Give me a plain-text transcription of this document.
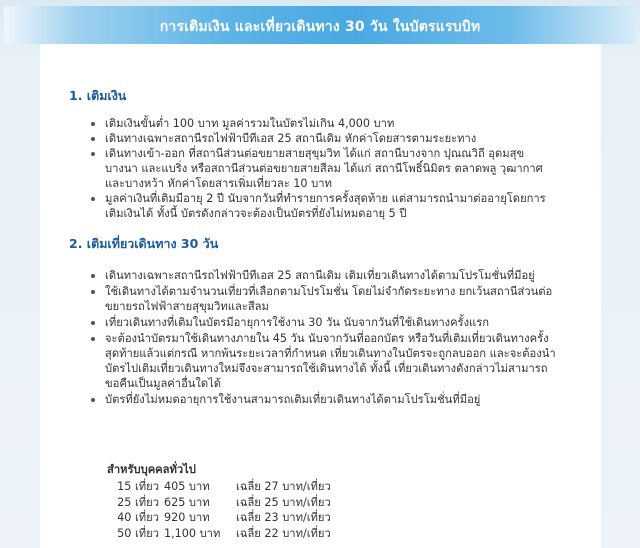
การเติมเงิน และเที่ยวเดินทาง 30 วัน ในบัตรแรบบิท
1. เติมเงิน
เติมเงินขั้นต่ำ 100 บาท มูลค่ารวมในบัตรไม่เกิน 4,000 บาท
เดินทางเฉพาะสถานีรถไฟฟ้าบีทีเอส 25 สถานีเดิม หักค่าโดยสารตามระยะทาง
เดินทางเข้า-ออก ที่สถานีส่วนต่อขยายสายสุขุมวิท ได้แก่ สถานีบางจาก ปุณณวิถี อุดมสุข บางนา และแบริ่ง หรือสถานีส่วนต่อขยายสายสีลม ได้แก่ สถานีโพธิ์นิมิตร ตลาดพลู วุฒากาศ และบางหว้า หักค่าโดยสารเพิ่มเที่ยวละ 10 บาท
มูลค่าเงินที่เติมมีอายุ 2 ปี นับจากวันที่ทำรายการครั้งสุดท้าย แต่สามารถนำมาต่ออายุโดยการเติมเงินได้ ทั้งนี้ บัตรดังกล่าวจะต้องเป็นบัตรที่ยังไม่หมดอายุ 5 ปี
2. เติมเที่ยวเดินทาง 30 วัน
เดินทางเฉพาะสถานีรถไฟฟ้าบีทีเอส 25 สถานีเดิม เติมเที่ยวเดินทางได้ตามโปรโมชั่นที่มีอยู่
ใช้เดินทางได้ตามจำนวนเที่ยวที่เลือกตามโปรโมชั่น โดยไม่จำกัดระยะทาง ยกเว้นสถานีส่วนต่อขยายรถไฟฟ้าสายสุขุมวิทและสีลม
เที่ยวเดินทางที่เติมในบัตรมีอายุการใช้งาน 30 วัน นับจากวันที่ใช้เดินทางครั้งแรก
จะต้องนำบัตรมาใช้เดินทางภายใน 45 วัน นับจากวันที่ออกบัตร หรือวันที่เติมเที่ยวเดินทางครั้งสุดท้ายแล้วแต่กรณี หากพ้นระยะเวลาที่กำหนด เที่ยวเดินทางในบัตรจะถูกลบออก และจะต้องนำบัตรไปเติมเที่ยวเดินทางใหม่จึงจะสามารถใช้เดินทางได้ ทั้งนี้ เที่ยวเดินทางดังกล่าวไม่สามารถขอคืนเป็นมูลค่าอื่นใดได้
บัตรที่ยังไม่หมดอายุการใช้งานสามารถเติมเที่ยวเดินทางได้ตามโปรโมชั่นที่มีอยู่
สำหรับบุคคลทั่วไป
15 เที่ยว 405 บาท เฉลี่ย 27 บาท/เที่ยว
25 เที่ยว 625 บาท เฉลี่ย 25 บาท/เที่ยว
40 เที่ยว 920 บาท เฉลี่ย 23 บาท/เที่ยว
50 เที่ยว 1,100 บาท เฉลี่ย 22 บาท/เที่ยว
